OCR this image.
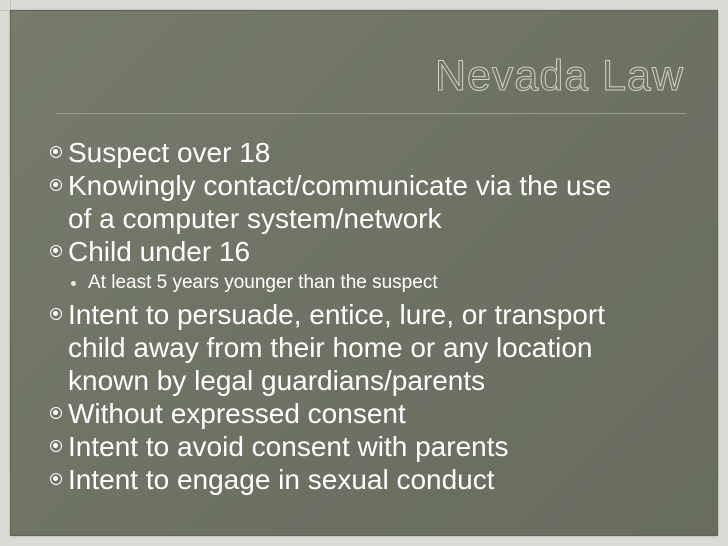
Nevada Law
Suspect over 18
Knowingly contact/communicate via the use
of a computer system/network
Child under 16
At least 5 years younger than the suspect
Intent to persuade, entice, lure, or transport
child away from their home or any location
known by legal guardians/parents
Without expressed consent
Intent to avoid consent with parents
Intent to engage in sexual conduct
